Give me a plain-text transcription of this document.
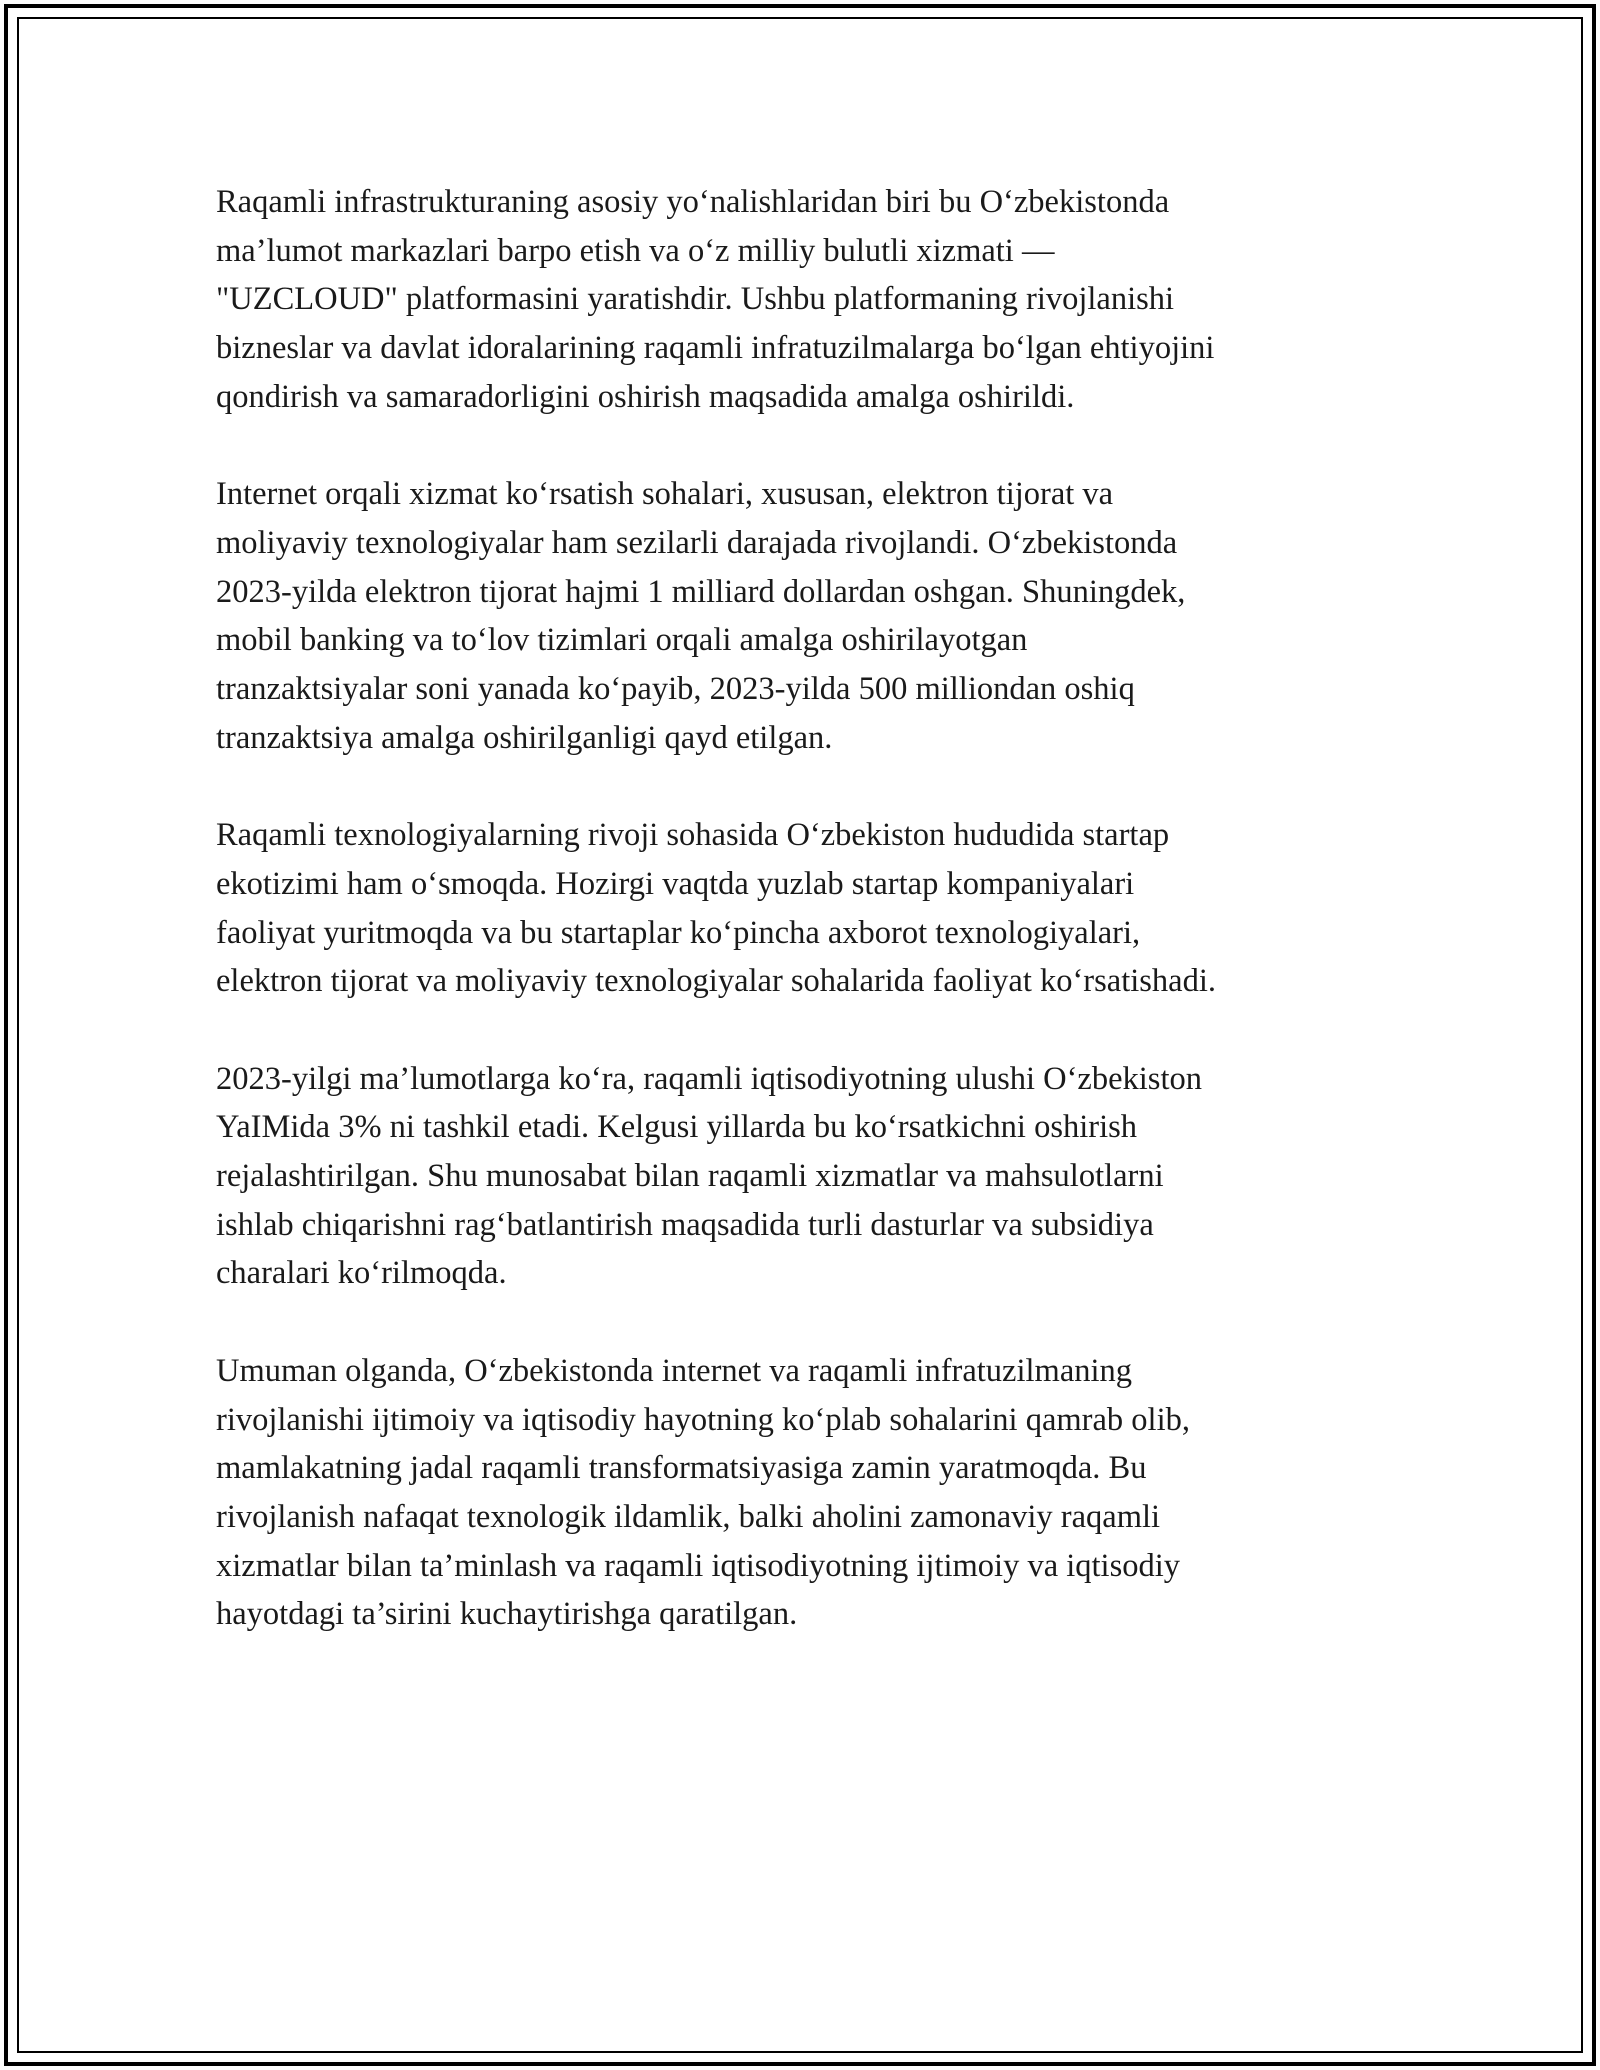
Raqamli infrastrukturaning asosiy yo‘nalishlaridan biri bu O‘zbekistonda
ma’lumot markazlari barpo etish va o‘z milliy bulutli xizmati —
"UZCLOUD" platformasini yaratishdir. Ushbu platformaning rivojlanishi
bizneslar va davlat idoralarining raqamli infratuzilmalarga bo‘lgan ehtiyojini
qondirish va samaradorligini oshirish maqsadida amalga oshirildi.

Internet orqali xizmat ko‘rsatish sohalari, xususan, elektron tijorat va
moliyaviy texnologiyalar ham sezilarli darajada rivojlandi. O‘zbekistonda
2023-yilda elektron tijorat hajmi 1 milliard dollardan oshgan. Shuningdek,
mobil banking va to‘lov tizimlari orqali amalga oshirilayotgan
tranzaktsiyalar soni yanada ko‘payib, 2023-yilda 500 milliondan oshiq
tranzaktsiya amalga oshirilganligi qayd etilgan.

Raqamli texnologiyalarning rivoji sohasida O‘zbekiston hududida startap
ekotizimi ham o‘smoqda. Hozirgi vaqtda yuzlab startap kompaniyalari
faoliyat yuritmoqda va bu startaplar ko‘pincha axborot texnologiyalari,
elektron tijorat va moliyaviy texnologiyalar sohalarida faoliyat ko‘rsatishadi.

2023-yilgi ma’lumotlarga ko‘ra, raqamli iqtisodiyotning ulushi O‘zbekiston
YaIMida 3% ni tashkil etadi. Kelgusi yillarda bu ko‘rsatkichni oshirish
rejalashtirilgan. Shu munosabat bilan raqamli xizmatlar va mahsulotlarni
ishlab chiqarishni rag‘batlantirish maqsadida turli dasturlar va subsidiya
charalari ko‘rilmoqda.

Umuman olganda, O‘zbekistonda internet va raqamli infratuzilmaning
rivojlanishi ijtimoiy va iqtisodiy hayotning ko‘plab sohalarini qamrab olib,
mamlakatning jadal raqamli transformatsiyasiga zamin yaratmoqda. Bu
rivojlanish nafaqat texnologik ildamlik, balki aholini zamonaviy raqamli
xizmatlar bilan ta’minlash va raqamli iqtisodiyotning ijtimoiy va iqtisodiy
hayotdagi ta’sirini kuchaytirishga qaratilgan.
